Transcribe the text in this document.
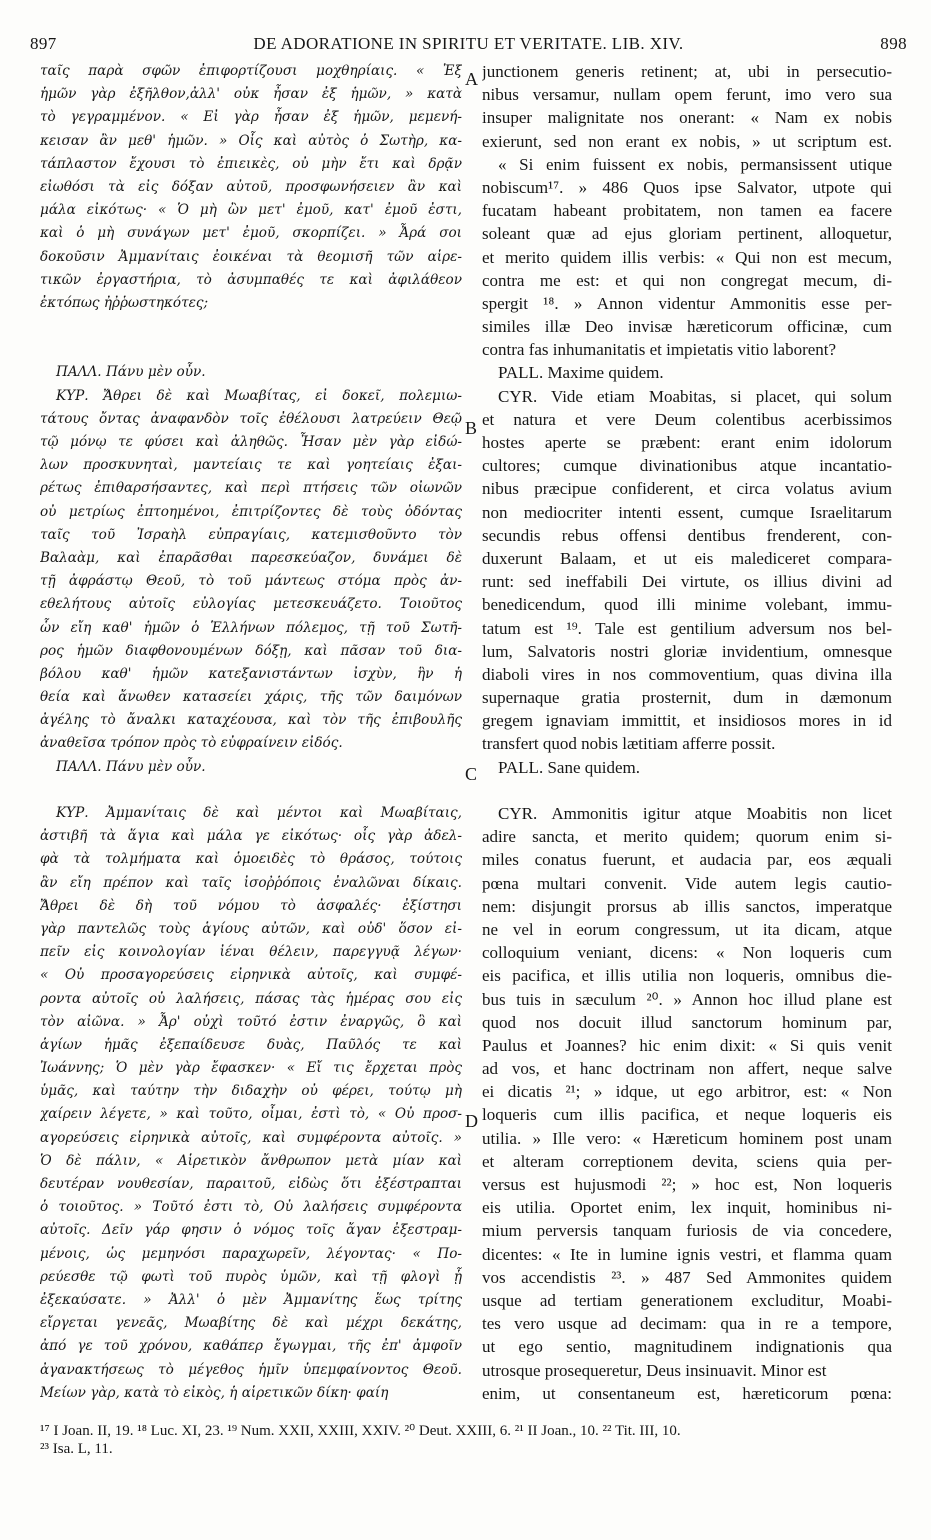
897	DE ADORATIONE IN SPIRITU ET VERITATE. LIB. XIV.	898
ταῖς παρὰ σφῶν ἐπιφορτίζουσι μοχθηρίαις. « Ἐξ
ἡμῶν γὰρ ἐξῆλθον,ἀλλ' οὐκ ἦσαν ἐξ ἡμῶν, » κατὰ
τὸ γεγραμμένον. « Εἰ γὰρ ἦσαν ἐξ ἡμῶν, μεμενή-
κεισαν ἂν μεθ' ἡμῶν. » Οἷς καὶ αὐτὸς ὁ Σωτὴρ, κα-
τάπλαστον ἔχουσι τὸ ἐπιεικὲς, οὐ μὴν ἔτι καὶ δρᾷν
εἰωθόσι τὰ εἰς δόξαν αὐτοῦ, προσφωνήσειεν ἂν καὶ
μάλα εἰκότως· « Ὁ μὴ ὢν μετ' ἐμοῦ, κατ' ἐμοῦ ἐστι,
καὶ ὁ μὴ συνάγων μετ' ἐμοῦ, σκορπίζει. » Ἆρά σοι
δοκοῦσιν Ἀμμανίταις ἐοικέναι τὰ θεομισῆ τῶν αἱρε-
τικῶν ἐργαστήρια, τὸ ἀσυμπαθές τε καὶ ἀφιλάθεον
ἐκτόπως ἠῤῥωστηκότες;
ΠΑΛΛ. Πάνυ μὲν οὖν.
ΚΥΡ. Ἄθρει δὲ καὶ Μωαβίτας, εἰ δοκεῖ, πολεμιω-
τάτους ὄντας ἀναφανδὸν τοῖς ἐθέλουσι λατρεύειν Θεῷ
τῷ μόνῳ τε φύσει καὶ ἀληθῶς. Ἦσαν μὲν γὰρ εἰδώ-
λων προσκυνηταὶ, μαντείαις τε καὶ γοητείαις ἐξαι-
ρέτως ἐπιθαρσήσαντες, καὶ περὶ πτήσεις τῶν οἰωνῶν
οὐ μετρίως ἐπτοημένοι, ἐπιτρίζοντες δὲ τοὺς ὀδόντας
ταῖς τοῦ Ἰσραὴλ εὐπραγίαις, κατεμισθοῦντο τὸν
Βαλαὰμ, καὶ ἐπαρᾶσθαι παρεσκεύαζον, δυνάμει δὲ
τῇ ἀφράστῳ Θεοῦ, τὸ τοῦ μάντεως στόμα πρὸς ἀν-
εθελήτους αὐτοῖς εὐλογίας μετεσκευάζετο. Τοιοῦτος
ὧν εἴη καθ' ἡμῶν ὁ Ἑλλήνων πόλεμος, τῇ τοῦ Σωτῆ-
ρος ἡμῶν διαφθονουμένων δόξῃ, καὶ πᾶσαν τοῦ δια-
βόλου καθ' ἡμῶν κατεξανιστάντων ἰσχὺν, ἣν ἡ
θεία καὶ ἄνωθεν κατασείει χάρις, τῆς τῶν δαιμόνων
ἀγέλης τὸ ἄναλκι καταχέουσα, καὶ τὸν τῆς ἐπιβουλῆς
ἀναθεῖσα τρόπον πρὸς τὸ εὐφραίνειν εἰδός.
ΠΑΛΛ. Πάνυ μὲν οὖν.
ΚΥΡ. Ἀμμανίταις δὲ καὶ μέντοι καὶ Μωαβίταις,
ἀστιβῆ τὰ ἅγια καὶ μάλα γε εἰκότως· οἷς γὰρ ἀδελ-
φὰ τὰ τολμήματα καὶ ὁμοειδὲς τὸ θράσος, τούτοις
ἂν εἴη πρέπον καὶ ταῖς ἰσοῤῥόποις ἐναλῶναι δίκαις.
Ἄθρει δὲ δὴ τοῦ νόμου τὸ ἀσφαλές· ἐξίστησι
γὰρ παντελῶς τοὺς ἁγίους αὐτῶν, καὶ οὐδ' ὅσον εἰ-
πεῖν εἰς κοινολογίαν ἰέναι θέλειν, παρεγγυᾷ λέγων·
« Οὐ προσαγορεύσεις εἰρηνικὰ αὐτοῖς, καὶ συμφέ-
ροντα αὐτοῖς οὐ λαλήσεις, πάσας τὰς ἡμέρας σου εἰς
τὸν αἰῶνα. » Ἆρ' οὐχὶ τοῦτό ἐστιν ἐναργῶς, ὃ καὶ
ἁγίων ἡμᾶς ἐξεπαίδευσε δυὰς, Παῦλός τε καὶ
Ἰωάννης; Ὁ μὲν γὰρ ἔφασκεν· « Εἴ τις ἔρχεται πρὸς
ὑμᾶς, καὶ ταύτην τὴν διδαχὴν οὐ φέρει, τούτῳ μὴ
χαίρειν λέγετε, » καὶ τοῦτο, οἶμαι, ἐστὶ τὸ, « Οὐ προσ-
αγορεύσεις εἰρηνικὰ αὐτοῖς, καὶ συμφέροντα αὐτοῖς. »
Ὁ δὲ πάλιν, « Αἱρετικὸν ἄνθρωπον μετὰ μίαν καὶ
δευτέραν νουθεσίαν, παραιτοῦ, εἰδὼς ὅτι ἐξέστραπται
ὁ τοιοῦτος. » Τοῦτό ἐστι τὸ, Οὐ λαλήσεις συμφέροντα
αὐτοῖς. Δεῖν γάρ φησιν ὁ νόμος τοῖς ἄγαν ἐξεστραμ-
μένοις, ὡς μεμηνόσι παραχωρεῖν, λέγοντας· « Πο-
ρεύεσθε τῷ φωτὶ τοῦ πυρὸς ὑμῶν, καὶ τῇ φλογὶ ᾗ
ἐξεκαύσατε. » Ἀλλ' ὁ μὲν Ἀμμανίτης ἕως τρίτης
εἴργεται γενεᾶς, Μωαβίτης δὲ καὶ μέχρι δεκάτης,
ἀπό γε τοῦ χρόνου, καθάπερ ἔγωγμαι, τῆς ἐπ' ἀμφοῖν
ἀγανακτήσεως τὸ μέγεθος ἡμῖν ὑπεμφαίνοντος Θεοῦ.
Μείων γὰρ, κατὰ τὸ εἰκὸς, ἡ αἱρετικῶν δίκη· φαίη
junctionem generis retinent; at, ubi in persecutio-
nibus versamur, nullam opem ferunt, imo vero sua
insuper malignitate nos onerant: « Nam ex nobis
exierunt, sed non erant ex nobis, » ut scriptum est.
« Si enim fuissent ex nobis, permansissent utique
nobiscum¹⁷. » 486 Quos ipse Salvator, utpote qui
fucatam habeant probitatem, non tamen ea facere
soleant quæ ad ejus gloriam pertinent, alloquetur,
et merito quidem illis verbis: « Qui non est mecum,
contra me est: et qui non congregat mecum, di-
spergit ¹⁸. » Annon videntur Ammonitis esse per-
similes illæ Deo invisæ hæreticorum officinæ, cum
contra fas inhumanitatis et impietatis vitio laborent?
PALL. Maxime quidem.
CYR. Vide etiam Moabitas, si placet, qui solum
et natura et vere Deum colentibus acerbissimos
hostes aperte se præbent: erant enim idolorum
cultores; cumque divinationibus atque incantatio-
nibus præcipue confiderent, et circa volatus avium
non mediocriter intenti essent, cumque Israelitarum
secundis rebus offensi dentibus frenderent, con-
duxerunt Balaam, et ut eis malediceret compara-
runt: sed ineffabili Dei virtute, os illius divini ad
benedicendum, quod illi minime volebant, immu-
tatum est ¹⁹. Tale est gentilium adversum nos bel-
lum, Salvatoris nostri gloriæ invidentium, omnesque
diaboli vires in nos commoventium, quas divina illa
supernaque gratia prosternit, dum in dæmonum
gregem ignaviam immittit, et insidiosos mores in id
transfert quod nobis lætitiam afferre possit.
PALL. Sane quidem.
CYR. Ammonitis igitur atque Moabitis non licet
adire sancta, et merito quidem; quorum enim si-
miles conatus fuerunt, et audacia par, eos æquali
pœna multari convenit. Vide autem legis cautio-
nem: disjungit prorsus ab illis sanctos, imperatque
ne vel in eorum congressum, ut ita dicam, atque
colloquium veniant, dicens: « Non loqueris cum
eis pacifica, et illis utilia non loqueris, omnibus die-
bus tuis in sæculum ²⁰. » Annon hoc illud plane est
quod nos docuit illud sanctorum hominum par,
Paulus et Joannes? hic enim dixit: « Si quis venit
ad vos, et hanc doctrinam non affert, neque salve
ei dicatis ²¹; » idque, ut ego arbitror, est: « Non
loqueris cum illis pacifica, et neque loqueris eis
utilia. » Ille vero: « Hæreticum hominem post unam
et alteram correptionem devita, sciens quia per-
versus est hujusmodi ²²; » hoc est, Non loqueris
eis utilia. Oportet enim, lex inquit, hominibus ni-
mium perversis tanquam furiosis de via concedere,
dicentes: « Ite in lumine ignis vestri, et flamma quam
vos accendistis ²³. » 487 Sed Ammonites quidem
usque ad tertiam generationem excluditur, Moabi-
tes vero usque ad decimam: qua in re a tempore,
ut ego sentio, magnitudinem indignationis qua
utrosque prosequeretur, Deus insinuavit. Minor est
enim, ut consentaneum est, hæreticorum pœna:
A
B
C
D
¹⁷ I Joan. II, 19. ¹⁸ Luc. XI, 23. ¹⁹ Num. XXII, XXIII, XXIV. ²⁰ Deut. XXIII, 6. ²¹ II Joan., 10. ²² Tit. III, 10.
²³ Isa. L, 11.
